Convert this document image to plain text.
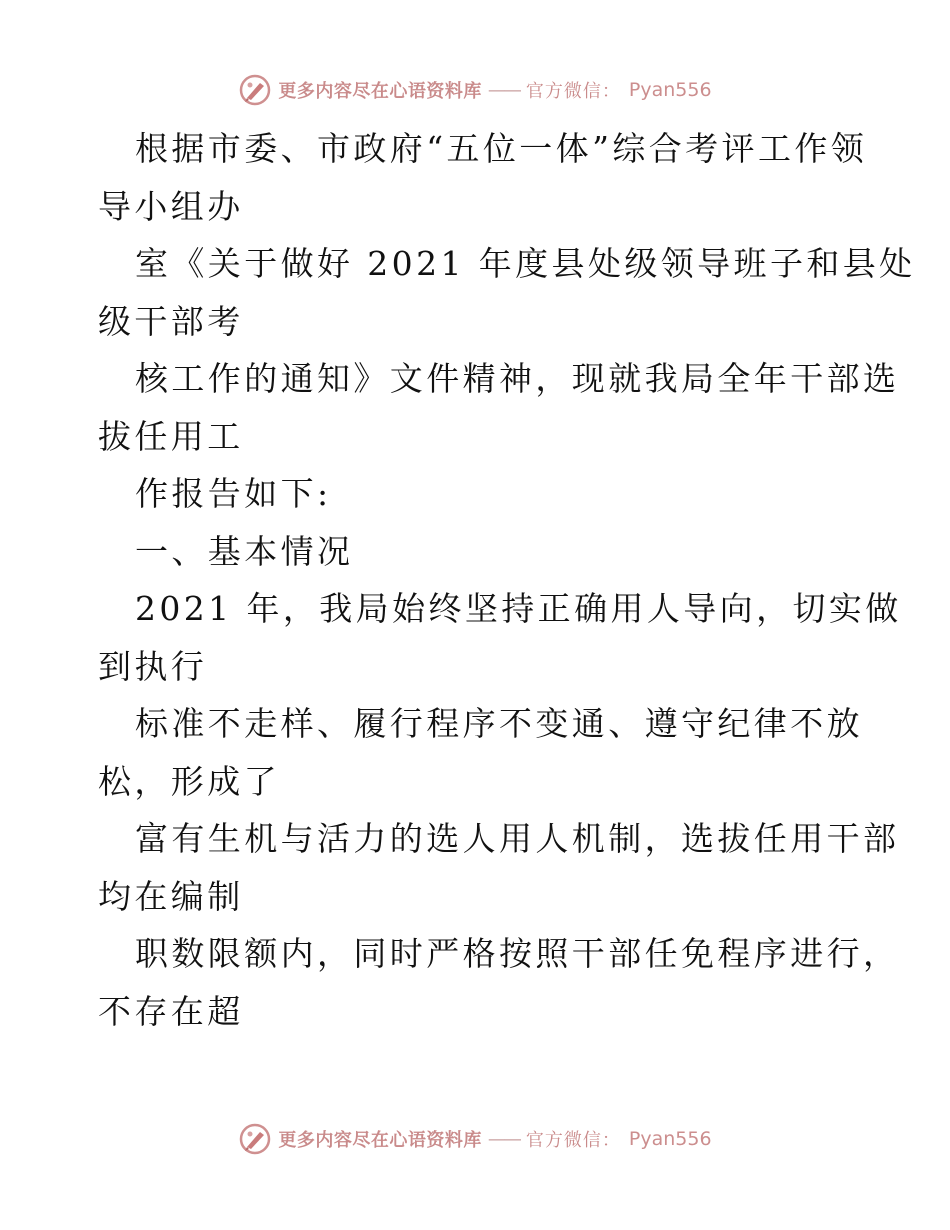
更多内容尽在心语资料库 —— 官方微信： Pyan556
根据市委、市政府“五位一体”综合考评工作领
导小组办
室《关于做好 2021 年度县处级领导班子和县处
级干部考
核工作的通知》文件精神，现就我局全年干部选
拔任用工
作报告如下:
一、基本情况
2021 年，我局始终坚持正确用人导向，切实做
到执行
标准不走样、履行程序不变通、遵守纪律不放
松，形成了
富有生机与活力的选人用人机制，选拔任用干部
均在编制
职数限额内，同时严格按照干部任免程序进行，
不存在超
更多内容尽在心语资料库 —— 官方微信： Pyan556
